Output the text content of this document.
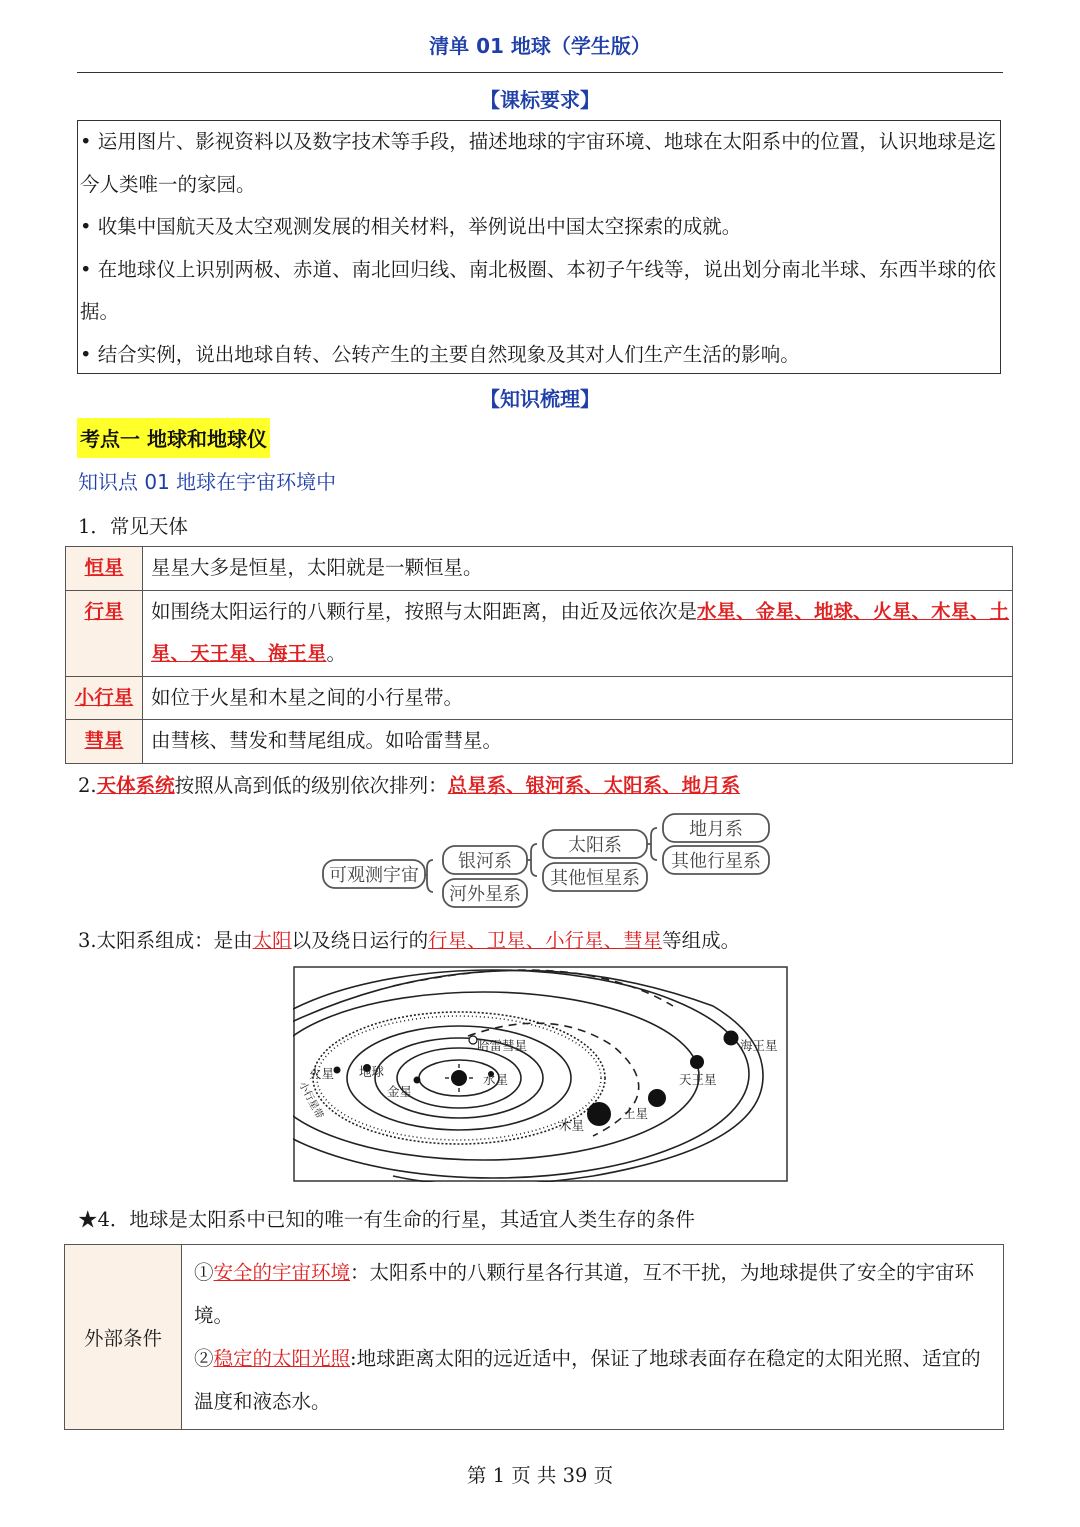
清单 01 地球（学生版）
【课标要求】

• 运用图片、影视资料以及数字技术等手段，描述地球的宇宙环境、地球在太阳系中的位置，认识地球是迄今人类唯一的家园。

• 收集中国航天及太空观测发展的相关材料，举例说出中国太空探索的成就。

• 在地球仪上识别两极、赤道、南北回归线、南北极圈、本初子午线等，说出划分南北半球、东西半球的依据。

• 结合实例，说出地球自转、公转产生的主要自然现象及其对人们生产生活的影响。

【知识梳理】
考点一 地球和地球仪
知识点 01 地球在宇宙环境中
1．常见天体
恒星	星星大多是恒星，太阳就是一颗恒星。
行星	如围绕太阳运行的八颗行星，按照与太阳距离，由近及远依次是水星、金星、地球、火星、木星、土星、天王星、海王星。
小行星	如位于火星和木星之间的小行星带。
彗星	由彗核、彗发和彗尾组成。如哈雷彗星。
2.天体系统按照从高到低的级别依次排列：总星系、银河系、太阳系、地月系
可观测宇宙
银河系
河外星系
太阳系
其他恒星系
地月系
其他行星系
3.太阳系组成：是由太阳以及绕日运行的行星、卫星、小行星、彗星等组成。
哈雷彗星	海王星
天王星
土星
木星
火星 地球
金星
水星
小行星带
★4．地球是太阳系中已知的唯一有生命的行星，其适宜人类生存的条件
外部条件	

①安全的宇宙环境：太阳系中的八颗行星各行其道，互不干扰，为地球提供了安全的宇宙环境。

②稳定的太阳光照:地球距离太阳的远近适中，保证了地球表面存在稳定的太阳光照、适宜的温度和液态水。

第 1 页 共 39 页
